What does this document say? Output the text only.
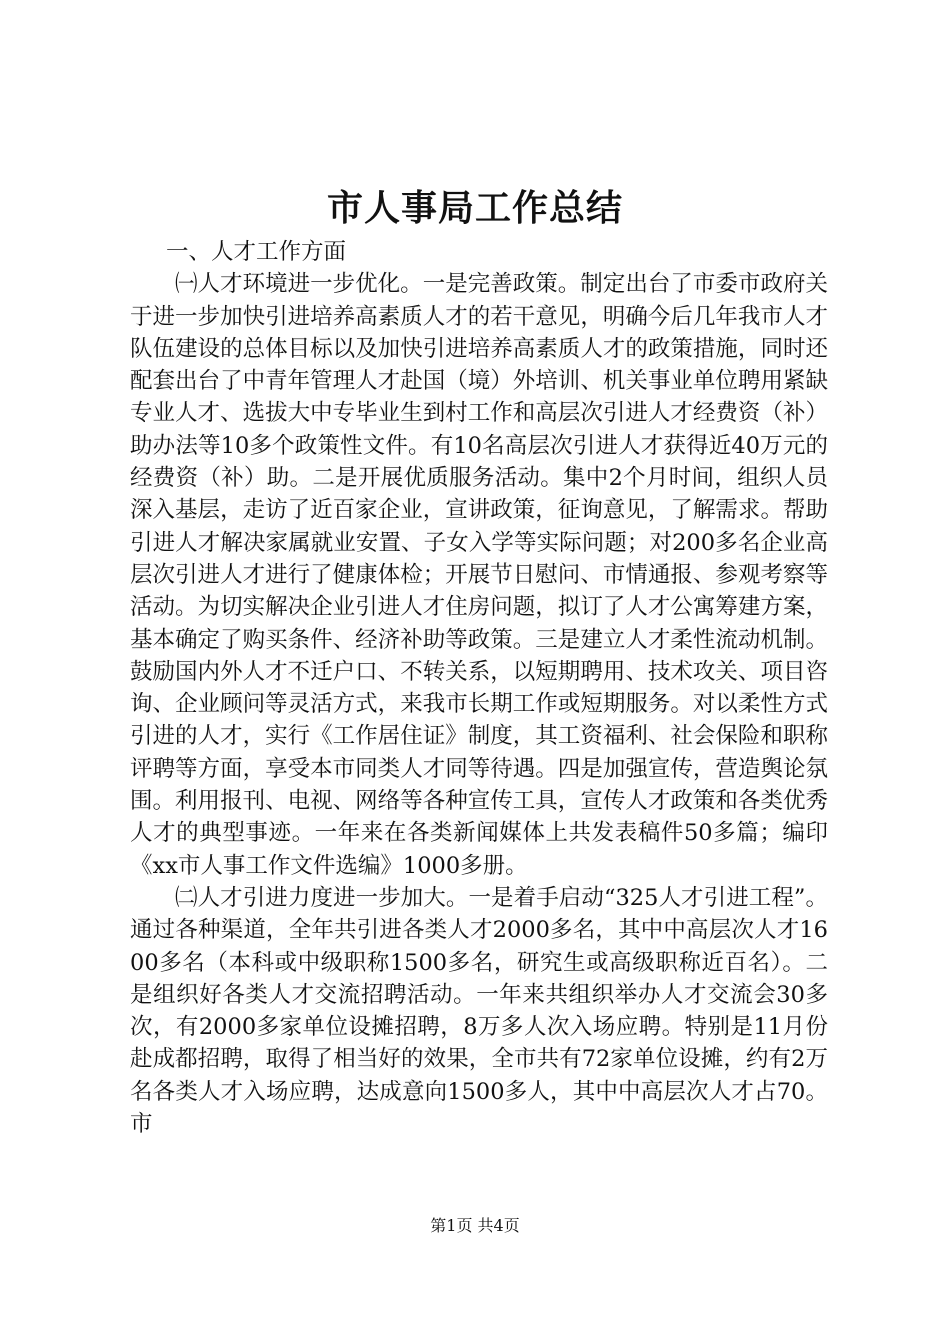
市人事局工作总结

一、人才工作方面

㈠人才环境进一步优化。一是完善政策。制定出台了市委市政府关于进一步加快引进培养高素质人才的若干意见，明确今后几年我市人才队伍建设的总体目标以及加快引进培养高素质人才的政策措施，同时还配套出台了中青年管理人才赴国（境）外培训、机关事业单位聘用紧缺专业人才、选拔大中专毕业生到村工作和高层次引进人才经费资（补）助办法等10多个政策性文件。有10名高层次引进人才获得近40万元的经费资（补）助。二是开展优质服务活动。集中2个月时间，组织人员深入基层，走访了近百家企业，宣讲政策，征询意见，了解需求。帮助引进人才解决家属就业安置、子女入学等实际问题；对200多名企业高层次引进人才进行了健康体检；开展节日慰问、市情通报、参观考察等活动。为切实解决企业引进人才住房问题，拟订了人才公寓筹建方案，基本确定了购买条件、经济补助等政策。三是建立人才柔性流动机制。鼓励国内外人才不迁户口、不转关系，以短期聘用、技术攻关、项目咨询、企业顾问等灵活方式，来我市长期工作或短期服务。对以柔性方式引进的人才，实行《工作居住证》制度，其工资福利、社会保险和职称评聘等方面，享受本市同类人才同等待遇。四是加强宣传，营造舆论氛围。利用报刊、电视、网络等各种宣传工具，宣传人才政策和各类优秀人才的典型事迹。一年来在各类新闻媒体上共发表稿件50多篇；编印《xx市人事工作文件选编》1000多册。

㈡人才引进力度进一步加大。一是着手启动“325人才引进工程”。通过各种渠道，全年共引进各类人才2000多名，其中中高层次人才1600多名（本科或中级职称1500多名，研究生或高级职称近百名）。二是组织好各类人才交流招聘活动。一年来共组织举办人才交流会30多次，有2000多家单位设摊招聘，8万多人次入场应聘。特别是11月份赴成都招聘，取得了相当好的效果，全市共有72家单位设摊，约有2万名各类人才入场应聘，达成意向1500多人，其中中高层次人才占70。市

第1页 共4页
